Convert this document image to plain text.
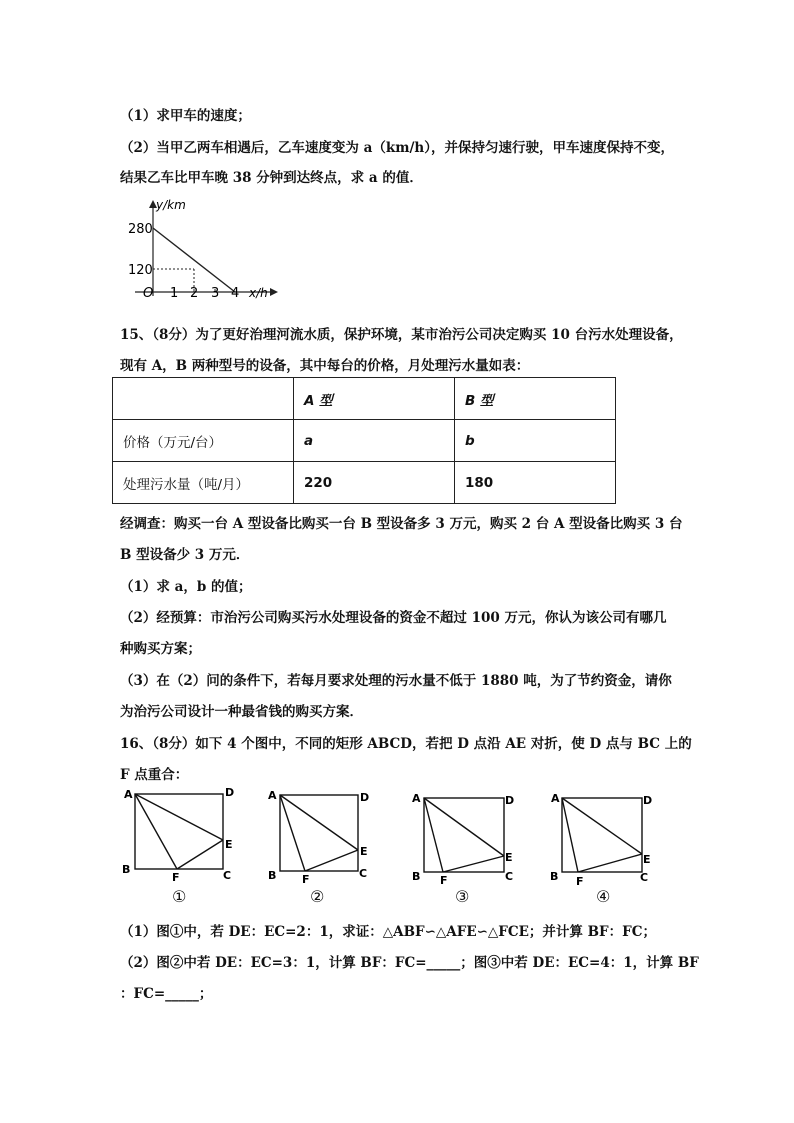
（1）求甲车的速度；
（2）当甲乙两车相遇后，乙车速度变为 a（km/h），并保持匀速行驶，甲车速度保持不变，
结果乙车比甲车晚 38 分钟到达终点，求 a 的值．
y/km
x/h
280
120
O 1 2 3 4
15、（8分）为了更好治理河流水质，保护环境，某市治污公司决定购买 10 台污水处理设备，
现有 A，B 两种型号的设备，其中每台的价格，月处理污水量如表：
	A 型	B 型
价格（万元/台）	a	b
处理污水量（吨/月）	220	180
经调查：购买一台 A 型设备比购买一台 B 型设备多 3 万元，购买 2 台 A 型设备比购买 3 台
B 型设备少 3 万元．
（1）求 a，b 的值；
（2）经预算：市治污公司购买污水处理设备的资金不超过 100 万元，你认为该公司有哪几
种购买方案；
（3）在（2）问的条件下，若每月要求处理的污水量不低于 1880 吨，为了节约资金，请你
为治污公司设计一种最省钱的购买方案．
16、（8分）如下 4 个图中，不同的矩形 ABCD，若把 D 点沿 AE 对折，使 D 点与 BC 上的
F 点重合：
A	D
E
B	C
F
①
A	D
E
B	C
F
②
A	D
E
B	C
F
③
A	D
E
B	C
F
④
（1）图①中，若 DE：EC=2：1，求证：△ABF∽△AFE∽△FCE；并计算 BF：FC；
（2）图②中若 DE：EC=3：1，计算 BF：FC=_____；图③中若 DE：EC=4：1，计算 BF
：FC=_____；
